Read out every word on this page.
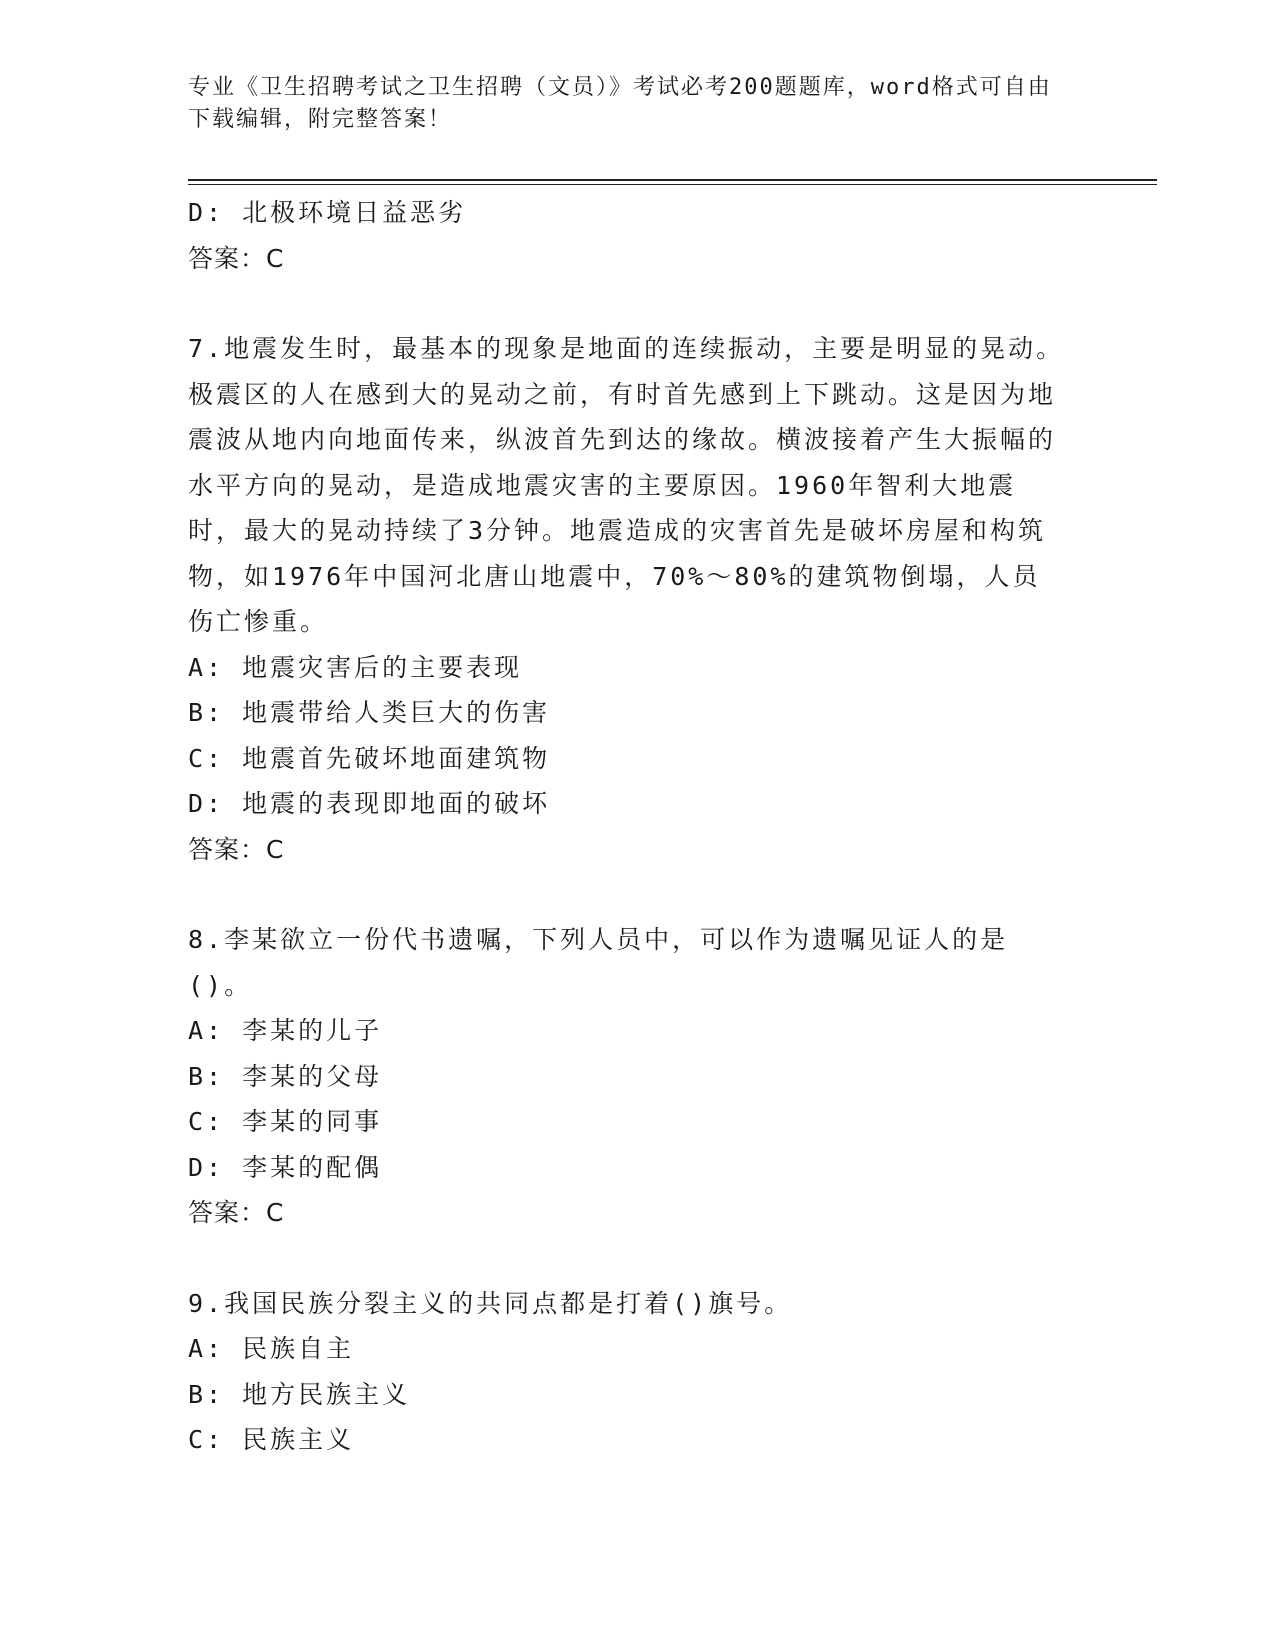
专业《卫生招聘考试之卫生招聘（文员）》考试必考200题题库，word格式可自由下载编辑，附完整答案！
D: 北极环境日益恶劣
答案：C
7.地震发生时，最基本的现象是地面的连续振动，主要是明显的晃动。极震区的人在感到大的晃动之前，有时首先感到上下跳动。这是因为地震波从地内向地面传来，纵波首先到达的缘故。横波接着产生大振幅的水平方向的晃动，是造成地震灾害的主要原因。1960年智利大地震时，最大的晃动持续了3分钟。地震造成的灾害首先是破坏房屋和构筑物，如1976年中国河北唐山地震中，70%～80%的建筑物倒塌，人员伤亡惨重。
A: 地震灾害后的主要表现
B: 地震带给人类巨大的伤害
C: 地震首先破坏地面建筑物
D: 地震的表现即地面的破坏
答案：C
8.李某欲立一份代书遗嘱，下列人员中，可以作为遗嘱见证人的是()。
A: 李某的儿子
B: 李某的父母
C: 李某的同事
D: 李某的配偶
答案：C
9.我国民族分裂主义的共同点都是打着()旗号。
A: 民族自主
B: 地方民族主义
C: 民族主义
